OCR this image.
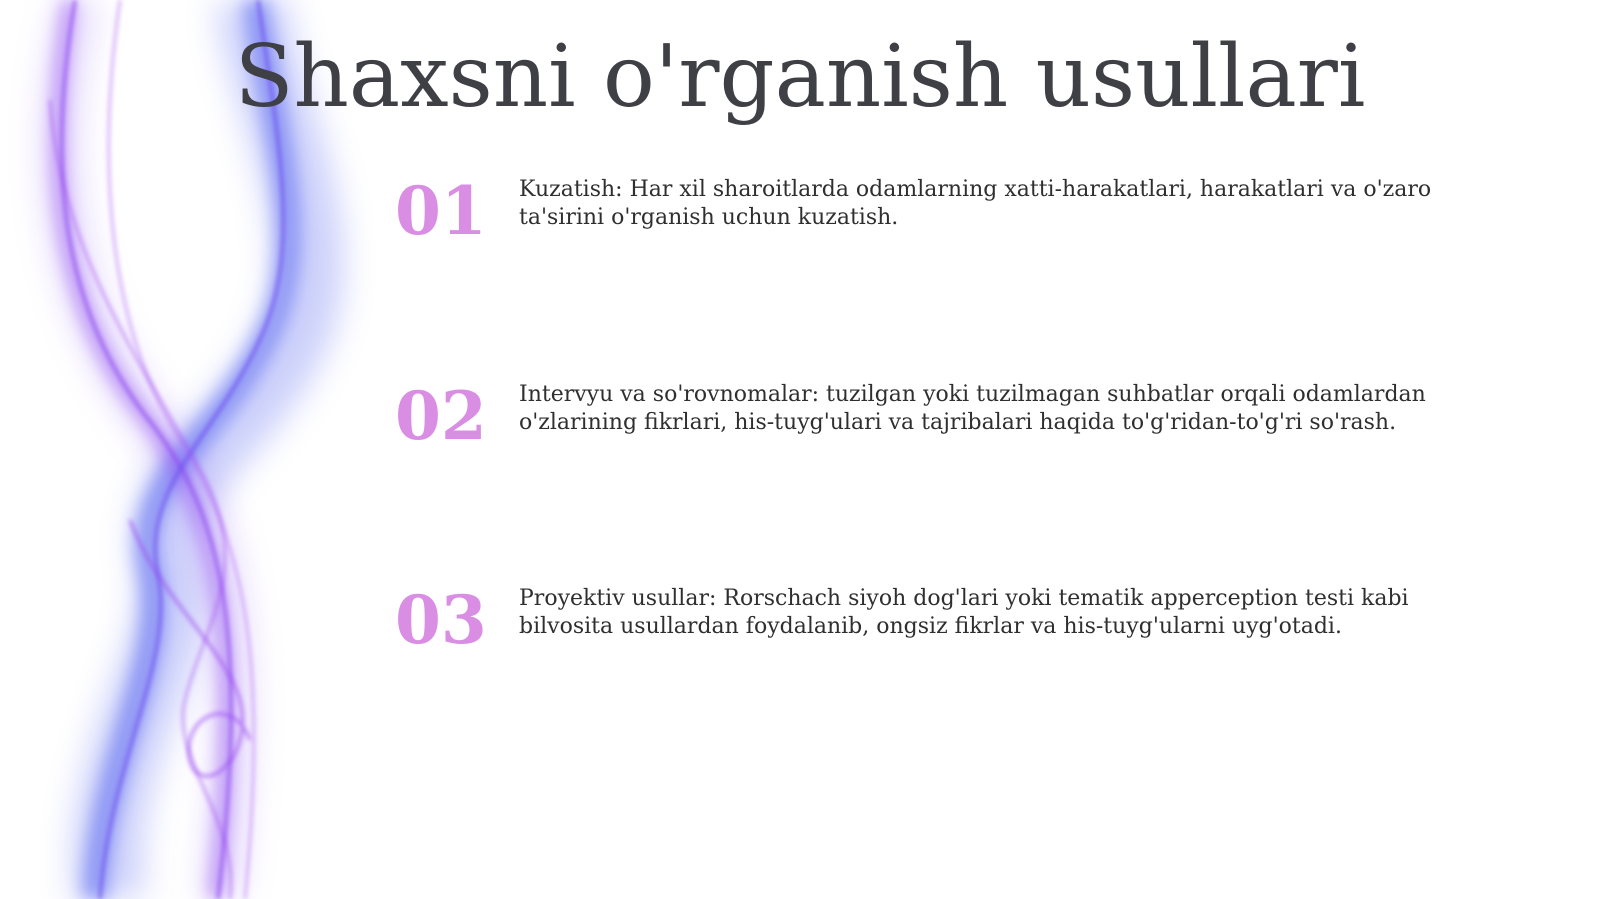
Shaxsni o'rganish usullari
01	Kuzatish: Har xil sharoitlarda odamlarning xatti-harakatlari, harakatlari va o'zaro ta'sirini o'rganish uchun kuzatish.
02	Intervyu va so'rovnomalar: tuzilgan yoki tuzilmagan suhbatlar orqali odamlardan o'zlarining fikrlari, his-tuyg'ulari va tajribalari haqida to'g'ridan-to'g'ri so'rash.
03	Proyektiv usullar: Rorschach siyoh dog'lari yoki tematik apperception testi kabi bilvosita usullardan foydalanib, ongsiz fikrlar va his-tuyg'ularni uyg'otadi.
